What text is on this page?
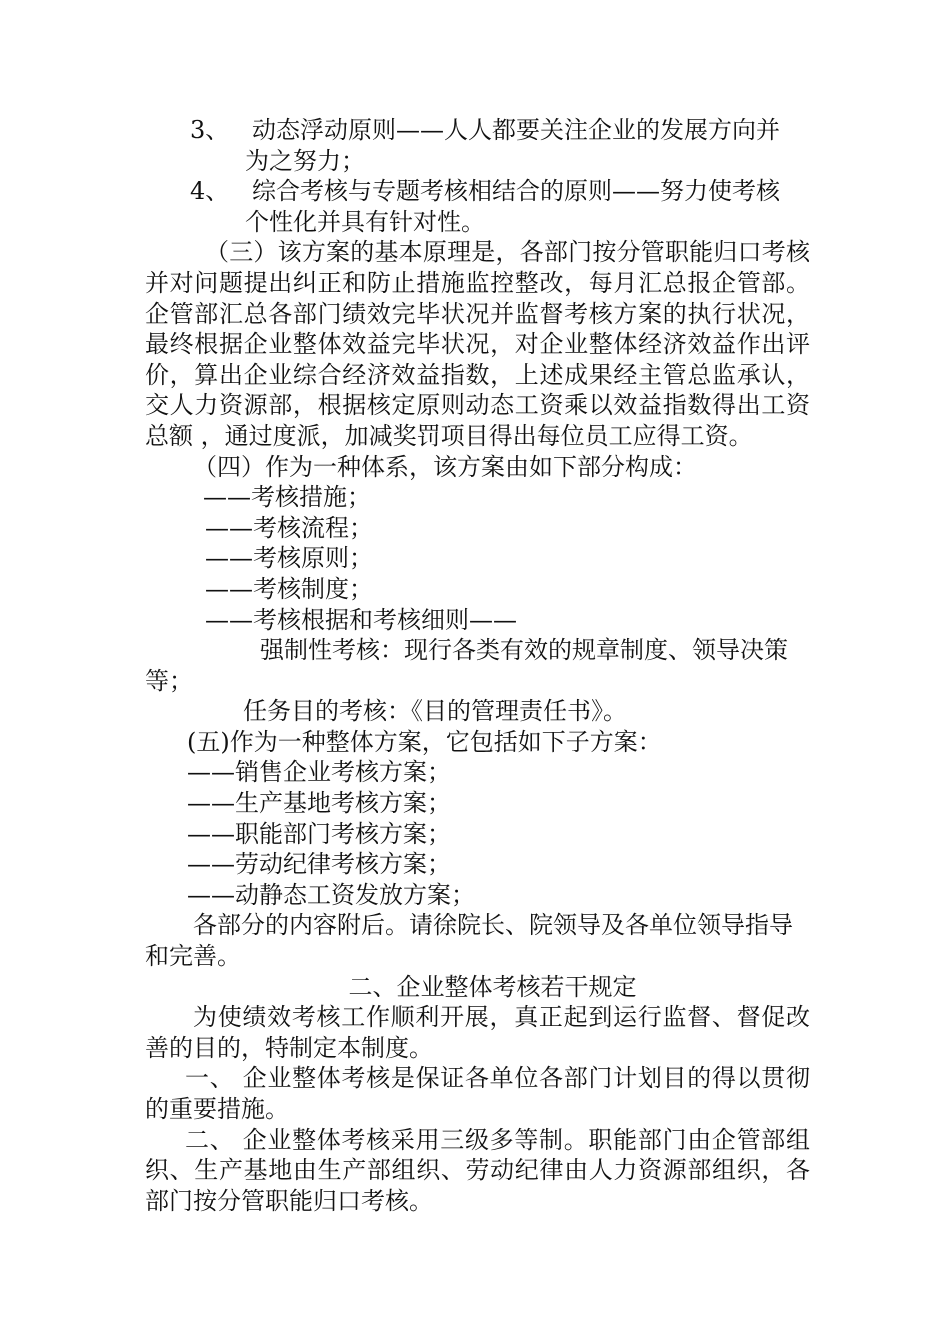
3、 动态浮动原则——人人都要关注企业的发展方向并
为之努力；
4、 综合考核与专题考核相结合的原则——努力使考核
个性化并具有针对性。

（三）该方案的基本原理是，各部门按分管职能归口考核并对问题提出纠正和防止措施监控整改，每月汇总报企管部。企管部汇总各部门绩效完毕状况并监督考核方案的执行状况，最终根据企业整体效益完毕状况，对企业整体经济效益作出评价，算出企业综合经济效益指数，上述成果经主管总监承认，交人力资源部，根据核定原则动态工资乘以效益指数得出工资总额 ，通过度派，加减奖罚项目得出每位员工应得工资。

（四）作为一种体系，该方案由如下部分构成：

——考核措施；
——考核流程；
——考核原则；
——考核制度；
——考核根据和考核细则——

强制性考核：现行各类有效的规章制度、领导决策等；

任务目的考核：《目的管理责任书》。

(五)作为一种整体方案，它包括如下子方案：

——销售企业考核方案；
——生产基地考核方案；
——职能部门考核方案；
——劳动纪律考核方案；
——动静态工资发放方案；

各部分的内容附后。请徐院长、院领导及各单位领导指导和完善。

二、企业整体考核若干规定

为使绩效考核工作顺利开展，真正起到运行监督、督促改善的目的，特制定本制度。

一、 企业整体考核是保证各单位各部门计划目的得以贯彻的重要措施。

二、 企业整体考核采用三级多等制。职能部门由企管部组织、生产基地由生产部组织、劳动纪律由人力资源部组织，各部门按分管职能归口考核。
